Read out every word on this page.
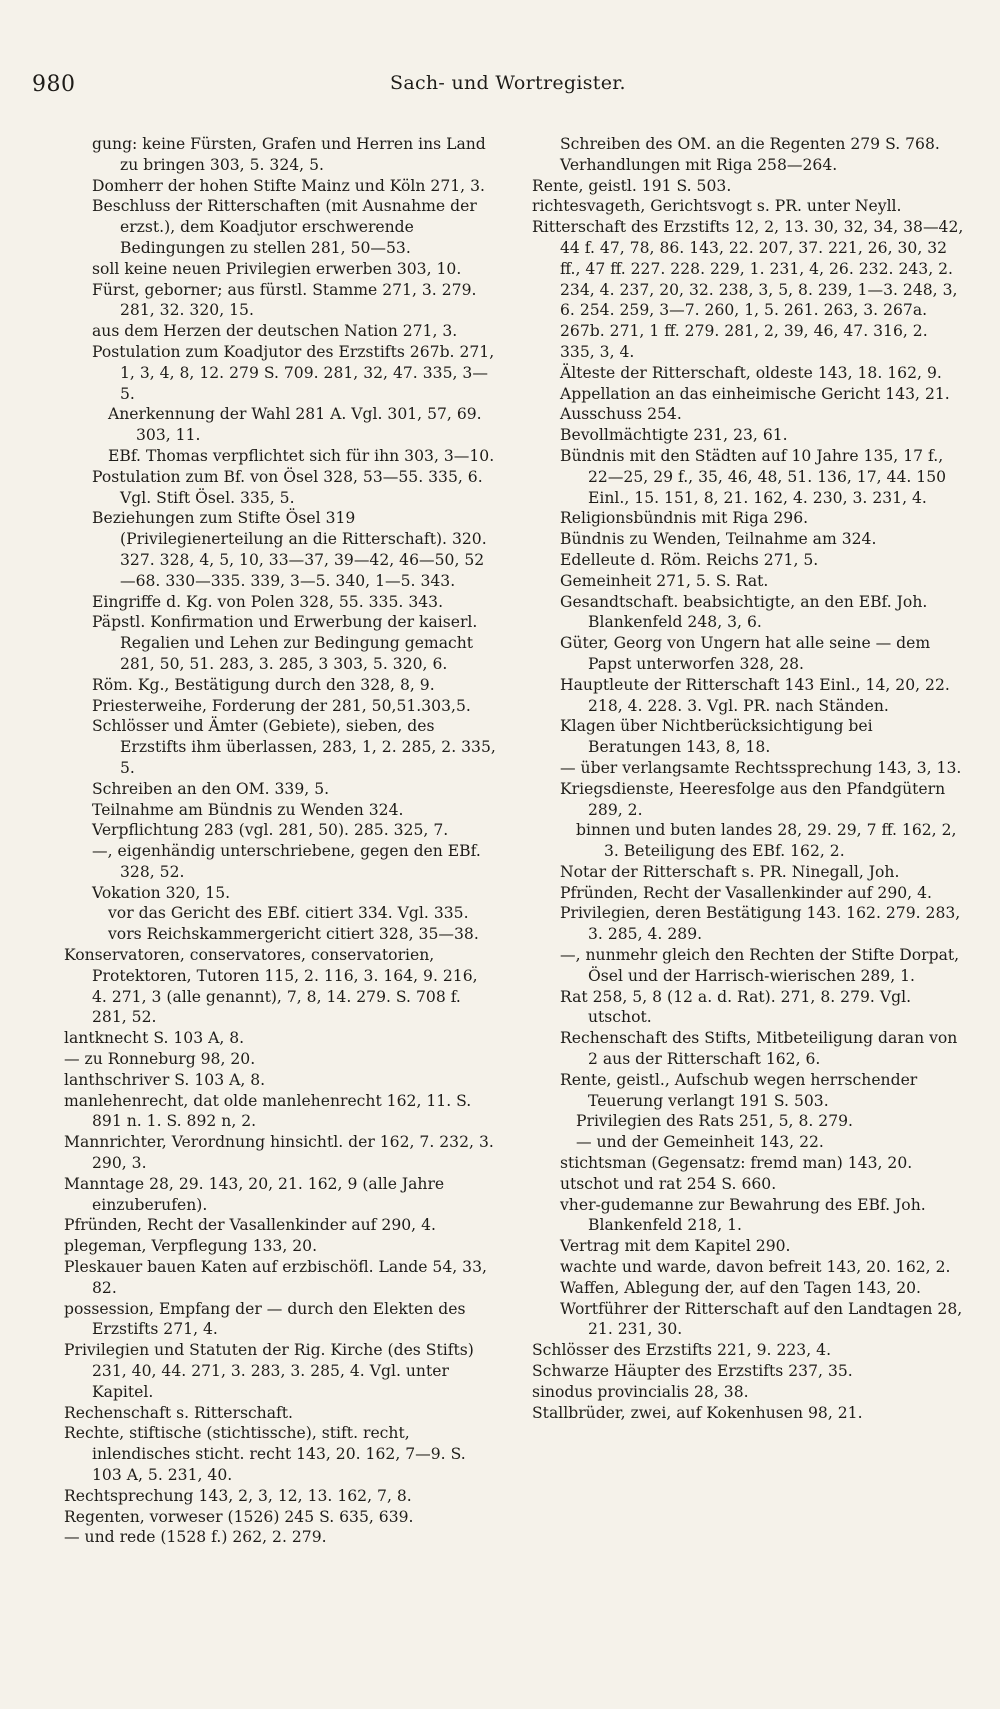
980	Sach- und Wortregister.

gung: keine Fürsten, Grafen und Herren ins Land zu bringen 303, 5. 324, 5.

Domherr der hohen Stifte Mainz und Köln 271, 3.

Beschluss der Ritterschaften (mit Ausnahme der erzst.), dem Koadjutor erschwerende Bedingungen zu stellen 281, 50—53.

soll keine neuen Privilegien erwerben 303, 10.

Fürst, geborner; aus fürstl. Stamme 271, 3. 279. 281, 32. 320, 15.

aus dem Herzen der deutschen Nation 271, 3.

Postulation zum Koadjutor des Erzstifts 267b. 271, 1, 3, 4, 8, 12. 279 S. 709. 281, 32, 47. 335, 3—5.

Anerkennung der Wahl 281 A. Vgl. 301, 57, 69. 303, 11.

EBf. Thomas verpflichtet sich für ihn 303, 3—10.

Postulation zum Bf. von Ösel 328, 53—55. 335, 6. Vgl. Stift Ösel. 335, 5.

Beziehungen zum Stifte Ösel 319 (Privilegienerteilung an die Ritterschaft). 320. 327. 328, 4, 5, 10, 33—37, 39—42, 46—50, 52—68. 330—335. 339, 3—5. 340, 1—5. 343.

Eingriffe d. Kg. von Polen 328, 55. 335. 343.

Päpstl. Konfirmation und Erwerbung der kaiserl. Regalien und Lehen zur Bedingung gemacht 281, 50, 51. 283, 3. 285, 3 303, 5. 320, 6.

Röm. Kg., Bestätigung durch den 328, 8, 9.

Priesterweihe, Forderung der 281, 50,51.303,5.

Schlösser und Ämter (Gebiete), sieben, des Erzstifts ihm überlassen, 283, 1, 2. 285, 2. 335, 5.

Schreiben an den OM. 339, 5.

Teilnahme am Bündnis zu Wenden 324.

Verpflichtung 283 (vgl. 281, 50). 285. 325, 7.

—, eigenhändig unterschriebene, gegen den EBf. 328, 52.

Vokation 320, 15.

vor das Gericht des EBf. citiert 334. Vgl. 335.

vors Reichskammergericht citiert 328, 35—38.

Konservatoren, conservatores, conservatorien, Protektoren, Tutoren 115, 2. 116, 3. 164, 9. 216, 4. 271, 3 (alle genannt), 7, 8, 14. 279. S. 708 f. 281, 52.

lantknecht S. 103 A, 8.

— zu Ronneburg 98, 20.

lanthschriver S. 103 A, 8.

manlehenrecht, dat olde manlehenrecht 162, 11. S. 891 n. 1. S. 892 n, 2.

Mannrichter, Verordnung hinsichtl. der 162, 7. 232, 3. 290, 3.

Manntage 28, 29. 143, 20, 21. 162, 9 (alle Jahre einzuberufen).

Pfründen, Recht der Vasallenkinder auf 290, 4.

plegeman, Verpflegung 133, 20.

Pleskauer bauen Katen auf erzbischöfl. Lande 54, 33, 82.

possession, Empfang der — durch den Elekten des Erzstifts 271, 4.

Privilegien und Statuten der Rig. Kirche (des Stifts) 231, 40, 44. 271, 3. 283, 3. 285, 4. Vgl. unter Kapitel.

Rechenschaft s. Ritterschaft.

Rechte, stiftische (stichtissche), stift. recht, inlendisches sticht. recht 143, 20. 162, 7—9. S. 103 A, 5. 231, 40.

Rechtsprechung 143, 2, 3, 12, 13. 162, 7, 8.

Regenten, vorweser (1526) 245 S. 635, 639.

— und rede (1528 f.) 262, 2. 279.

Schreiben des OM. an die Regenten 279 S. 768.

Verhandlungen mit Riga 258—264.

Rente, geistl. 191 S. 503.

richtesvageth, Gerichtsvogt s. PR. unter Neyll.

Ritterschaft des Erzstifts 12, 2, 13. 30, 32, 34, 38—42, 44 f. 47, 78, 86. 143, 22. 207, 37. 221, 26, 30, 32 ff., 47 ff. 227. 228. 229, 1. 231, 4, 26. 232. 243, 2. 234, 4. 237, 20, 32. 238, 3, 5, 8. 239, 1—3. 248, 3, 6. 254. 259, 3—7. 260, 1, 5. 261. 263, 3. 267a. 267b. 271, 1 ff. 279. 281, 2, 39, 46, 47. 316, 2. 335, 3, 4.

Älteste der Ritterschaft, oldeste 143, 18. 162, 9.

Appellation an das einheimische Gericht 143, 21.

Ausschuss 254.

Bevollmächtigte 231, 23, 61.

Bündnis mit den Städten auf 10 Jahre 135, 17 f., 22—25, 29 f., 35, 46, 48, 51. 136, 17, 44. 150 Einl., 15. 151, 8, 21. 162, 4. 230, 3. 231, 4.

Religionsbündnis mit Riga 296.

Bündnis zu Wenden, Teilnahme am 324.

Edelleute d. Röm. Reichs 271, 5.

Gemeinheit 271, 5. S. Rat.

Gesandtschaft. beabsichtigte, an den EBf. Joh. Blankenfeld 248, 3, 6.

Güter, Georg von Ungern hat alle seine — dem Papst unterworfen 328, 28.

Hauptleute der Ritterschaft 143 Einl., 14, 20, 22. 218, 4. 228. 3. Vgl. PR. nach Ständen.

Klagen über Nichtberücksichtigung bei Beratungen 143, 8, 18.

— über verlangsamte Rechtssprechung 143, 3, 13.

Kriegsdienste, Heeresfolge aus den Pfandgütern 289, 2.

binnen und buten landes 28, 29. 29, 7 ff. 162, 2, 3. Beteiligung des EBf. 162, 2.

Notar der Ritterschaft s. PR. Ninegall, Joh.

Pfründen, Recht der Vasallenkinder auf 290, 4.

Privilegien, deren Bestätigung 143. 162. 279. 283, 3. 285, 4. 289.

—, nunmehr gleich den Rechten der Stifte Dorpat, Ösel und der Harrisch-wierischen 289, 1.

Rat 258, 5, 8 (12 a. d. Rat). 271, 8. 279. Vgl. utschot.

Rechenschaft des Stifts, Mitbeteiligung daran von 2 aus der Ritterschaft 162, 6.

Rente, geistl., Aufschub wegen herrschender Teuerung verlangt 191 S. 503.

Privilegien des Rats 251, 5, 8. 279.

— und der Gemeinheit 143, 22.

stichtsman (Gegensatz: fremd man) 143, 20.

utschot und rat 254 S. 660.

vher-gudemanne zur Bewahrung des EBf. Joh. Blankenfeld 218, 1.

Vertrag mit dem Kapitel 290.

wachte und warde, davon befreit 143, 20. 162, 2.

Waffen, Ablegung der, auf den Tagen 143, 20.

Wortführer der Ritterschaft auf den Landtagen 28, 21. 231, 30.

Schlösser des Erzstifts 221, 9. 223, 4.

Schwarze Häupter des Erzstifts 237, 35.

sinodus provincialis 28, 38.

Stallbrüder, zwei, auf Kokenhusen 98, 21.
